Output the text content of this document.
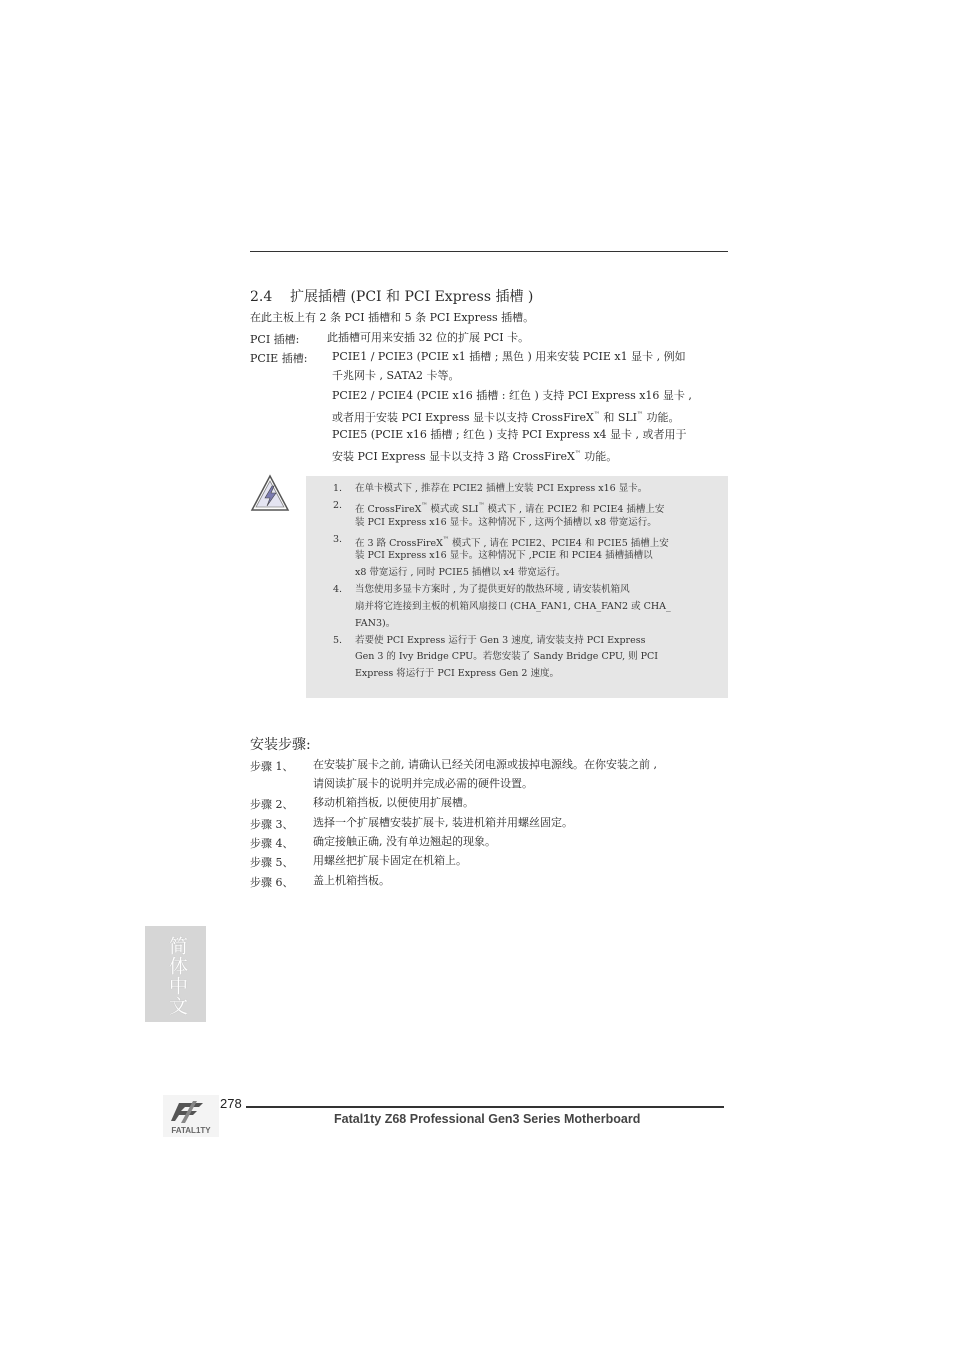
2.4 扩展插槽 (PCI 和 PCI Express 插槽 )
在此主板上有 2 条 PCI 插槽和 5 条 PCI Express 插槽。
PCI 插槽:	此插槽可用来安插 32 位的扩展 PCI 卡。
PCIE 插槽: PCIE1 / PCIE3 (PCIE x1 插槽 ; 黑色 ) 用来安装 PCIE x1 显卡 , 例如
千兆网卡 , SATA2 卡等。
PCIE2 / PCIE4 (PCIE x16 插槽 : 红色 ) 支持 PCI Express x16 显卡 ,
或者用于安装 PCI Express 显卡以支持 CrossFireX™ 和 SLI™ 功能。
PCIE5 (PCIE x16 插槽 ; 红色 ) 支持 PCI Express x4 显卡 , 或者用于
安装 PCI Express 显卡以支持 3 路 CrossFireX™ 功能。
1. 在单卡模式下 , 推荐在 PCIE2 插槽上安装 PCI Express x16 显卡。
2. 在 CrossFireX™ 模式或 SLI™ 模式下 , 请在 PCIE2 和 PCIE4 插槽上安
装 PCI Express x16 显卡。这种情况下 , 这两个插槽以 x8 带宽运行。
3. 在 3 路 CrossFireX™ 模式下 , 请在 PCIE2、PCIE4 和 PCIE5 插槽上安
装 PCI Express x16 显卡。这种情况下 ,PCIE 和 PCIE4 插槽插槽以
x8 带宽运行 , 同时 PCIE5 插槽以 x4 带宽运行。
4. 当您使用多显卡方案时 , 为了提供更好的散热环境 , 请安装机箱风
扇并将它连接到主板的机箱风扇接口 (CHA_FAN1, CHA_FAN2 或 CHA_
FAN3)。
5. 若要使 PCI Express 运行于 Gen 3 速度, 请安装支持 PCI Express
Gen 3 的 Ivy Bridge CPU。若您安装了 Sandy Bridge CPU, 则 PCI
Express 将运行于 PCI Express Gen 2 速度。
安装步骤:
步骤 1、 在安装扩展卡之前, 请确认已经关闭电源或拔掉电源线。在你安装之前 ,
请阅读扩展卡的说明并完成必需的硬件设置。
步骤 2、 移动机箱挡板, 以便使用扩展槽。
步骤 3、 选择一个扩展槽安装扩展卡, 装进机箱并用螺丝固定。
步骤 4、 确定接触正确, 没有单边翘起的现象。
步骤 5、 用螺丝把扩展卡固定在机箱上。
步骤 6、 盖上机箱挡板。
简体中文
FATAL1TY
278
Fatal1ty Z68 Professional Gen3 Series Motherboard
